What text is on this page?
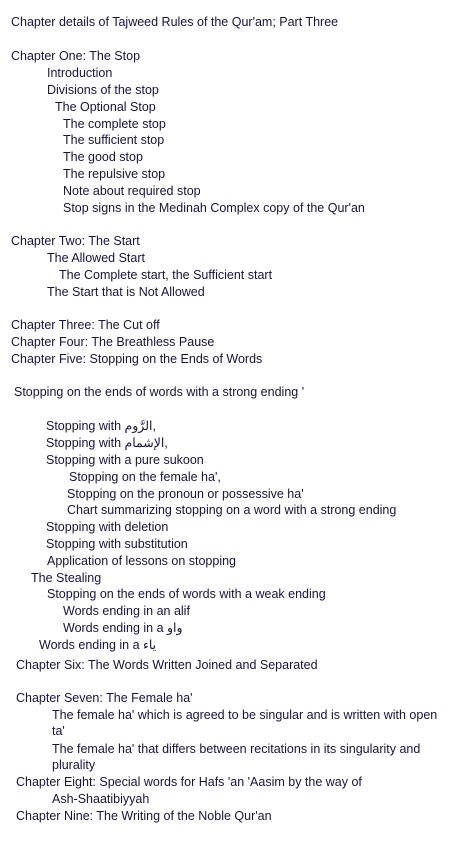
Chapter details of Tajweed Rules of the Qur'am; Part Three
Chapter One: The Stop
Introduction
Divisions of the stop
The Optional Stop
The complete stop
The sufficient stop
The good stop
The repulsive stop
Note about required stop
Stop signs in the Medinah Complex copy of the Qur'an
Chapter Two: The Start
The Allowed Start
The Complete start, the Sufficient start
The Start that is Not Allowed
Chapter Three: The Cut off
Chapter Four: The Breathless Pause
Chapter Five: Stopping on the Ends of Words
Stopping on the ends of words with a strong ending '
Stopping with الرَّوم,
Stopping with الإشمام,
Stopping with a pure sukoon
Stopping on the female ha',
Stopping on the pronoun or possessive ha'
Chart summarizing stopping on a word with a strong ending
Stopping with deletion
Stopping with substitution
Application of lessons on stopping
The Stealing
Stopping on the ends of words with a weak ending
Words ending in an alif
Words ending in a واو
Words ending in a ياء
Chapter Six: The Words Written Joined and Separated
Chapter Seven: The Female ha'
The female ha' which is agreed to be singular and is written with open ta'
The female ha' that differs between recitations in its singularity and plurality
Chapter Eight: Special words for Hafs 'an 'Aasim by the way of
Ash-Shaatibiyyah
Chapter Nine: The Writing of the Noble Qur'an
